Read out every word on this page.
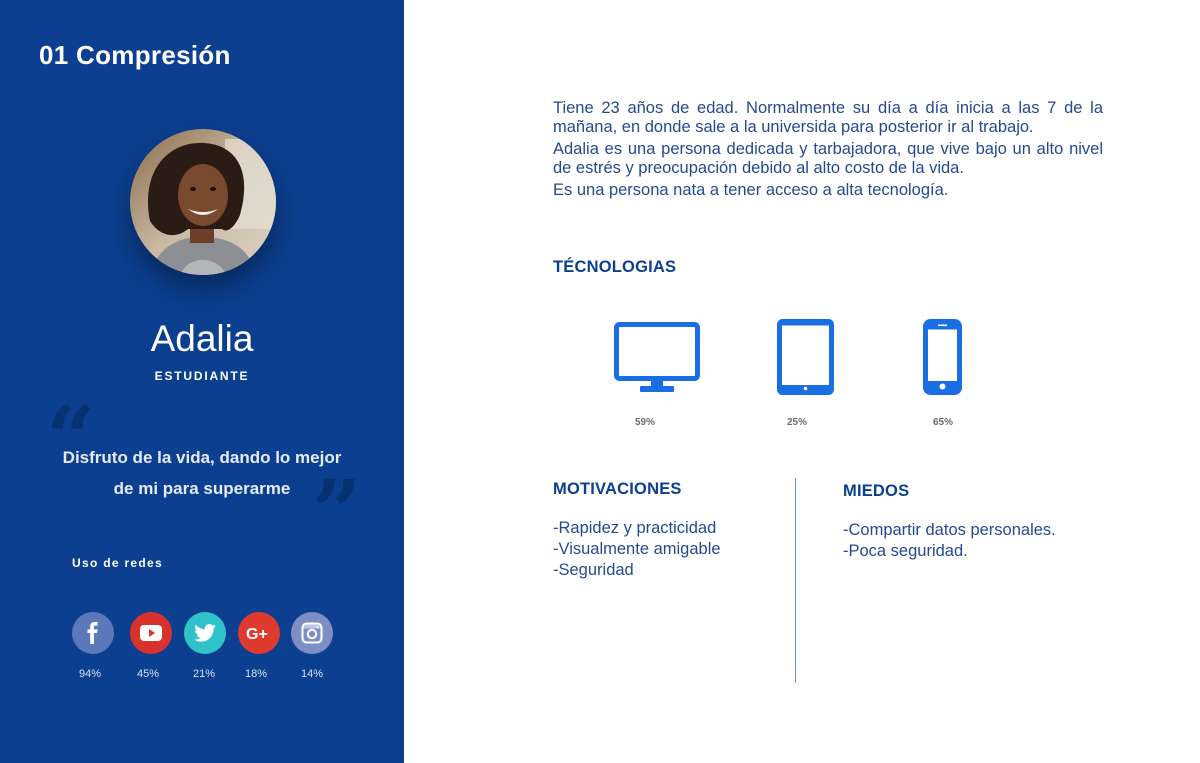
01 Compresión
Adalia
ESTUDIANTE
“
Disfruto de la vida, dando lo mejor
de mi para superarme ”
Uso de redes
G+
94%	45%	21%	18%	14%

Tiene 23 años de edad. Normalmente su día a día inicia a las 7 de la mañana, en donde sale a la universida para posterior ir al trabajo.

Adalia es una persona dedicada y tarbajadora, que vive bajo un alto nivel de estrés y preocupación debido al alto costo de la vida.

Es una persona nata a tener acceso a alta tecnología.

TÉCNOLOGIAS
59%	25%	65%
MOTIVACIONES
-Rapidez y practicidad
-Visualmente amigable
-Seguridad
MIEDOS
-Compartir datos personales.
-Poca seguridad.
